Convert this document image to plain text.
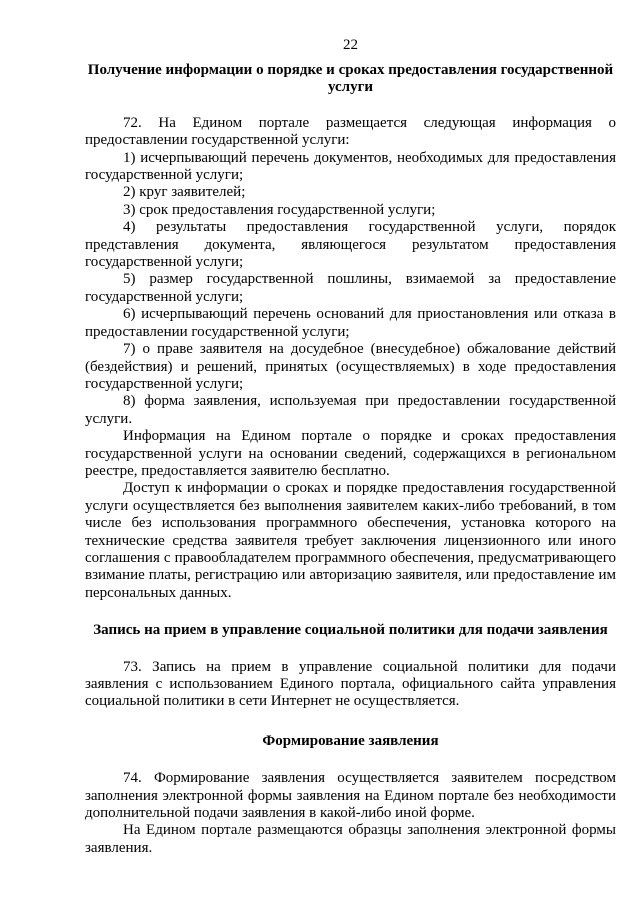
22
Получение информации о порядке и сроках предоставления государственной услуги

72. На Едином портале размещается следующая информация о предоставлении государственной услуги:

1) исчерпывающий перечень документов, необходимых для предоставления государственной услуги;

2) круг заявителей;

3) срок предоставления государственной услуги;

4) результаты предоставления государственной услуги, порядок представления документа, являющегося результатом предоставления государственной услуги;

5) размер государственной пошлины, взимаемой за предоставление государственной услуги;

6) исчерпывающий перечень оснований для приостановления или отказа в предоставлении государственной услуги;

7) о праве заявителя на досудебное (внесудебное) обжалование действий (бездействия) и решений, принятых (осуществляемых) в ходе предоставления государственной услуги;

8) форма заявления, используемая при предоставлении государственной услуги.

Информация на Едином портале о порядке и сроках предоставления государственной услуги на основании сведений, содержащихся в региональном реестре, предоставляется заявителю бесплатно.

Доступ к информации о сроках и порядке предоставления государственной услуги осуществляется без выполнения заявителем каких-либо требований, в том числе без использования программного обеспечения, установка которого на технические средства заявителя требует заключения лицензионного или иного соглашения с правообладателем программного обеспечения, предусматривающего взимание платы, регистрацию или авторизацию заявителя, или предоставление им персональных данных.

Запись на прием в управление социальной политики для подачи заявления

73. Запись на прием в управление социальной политики для подачи заявления с использованием Единого портала, официального сайта управления социальной политики в сети Интернет не осуществляется.

Формирование заявления

74. Формирование заявления осуществляется заявителем посредством заполнения электронной формы заявления на Едином портале без необходимости дополнительной подачи заявления в какой-либо иной форме.

На Едином портале размещаются образцы заполнения электронной формы заявления.
